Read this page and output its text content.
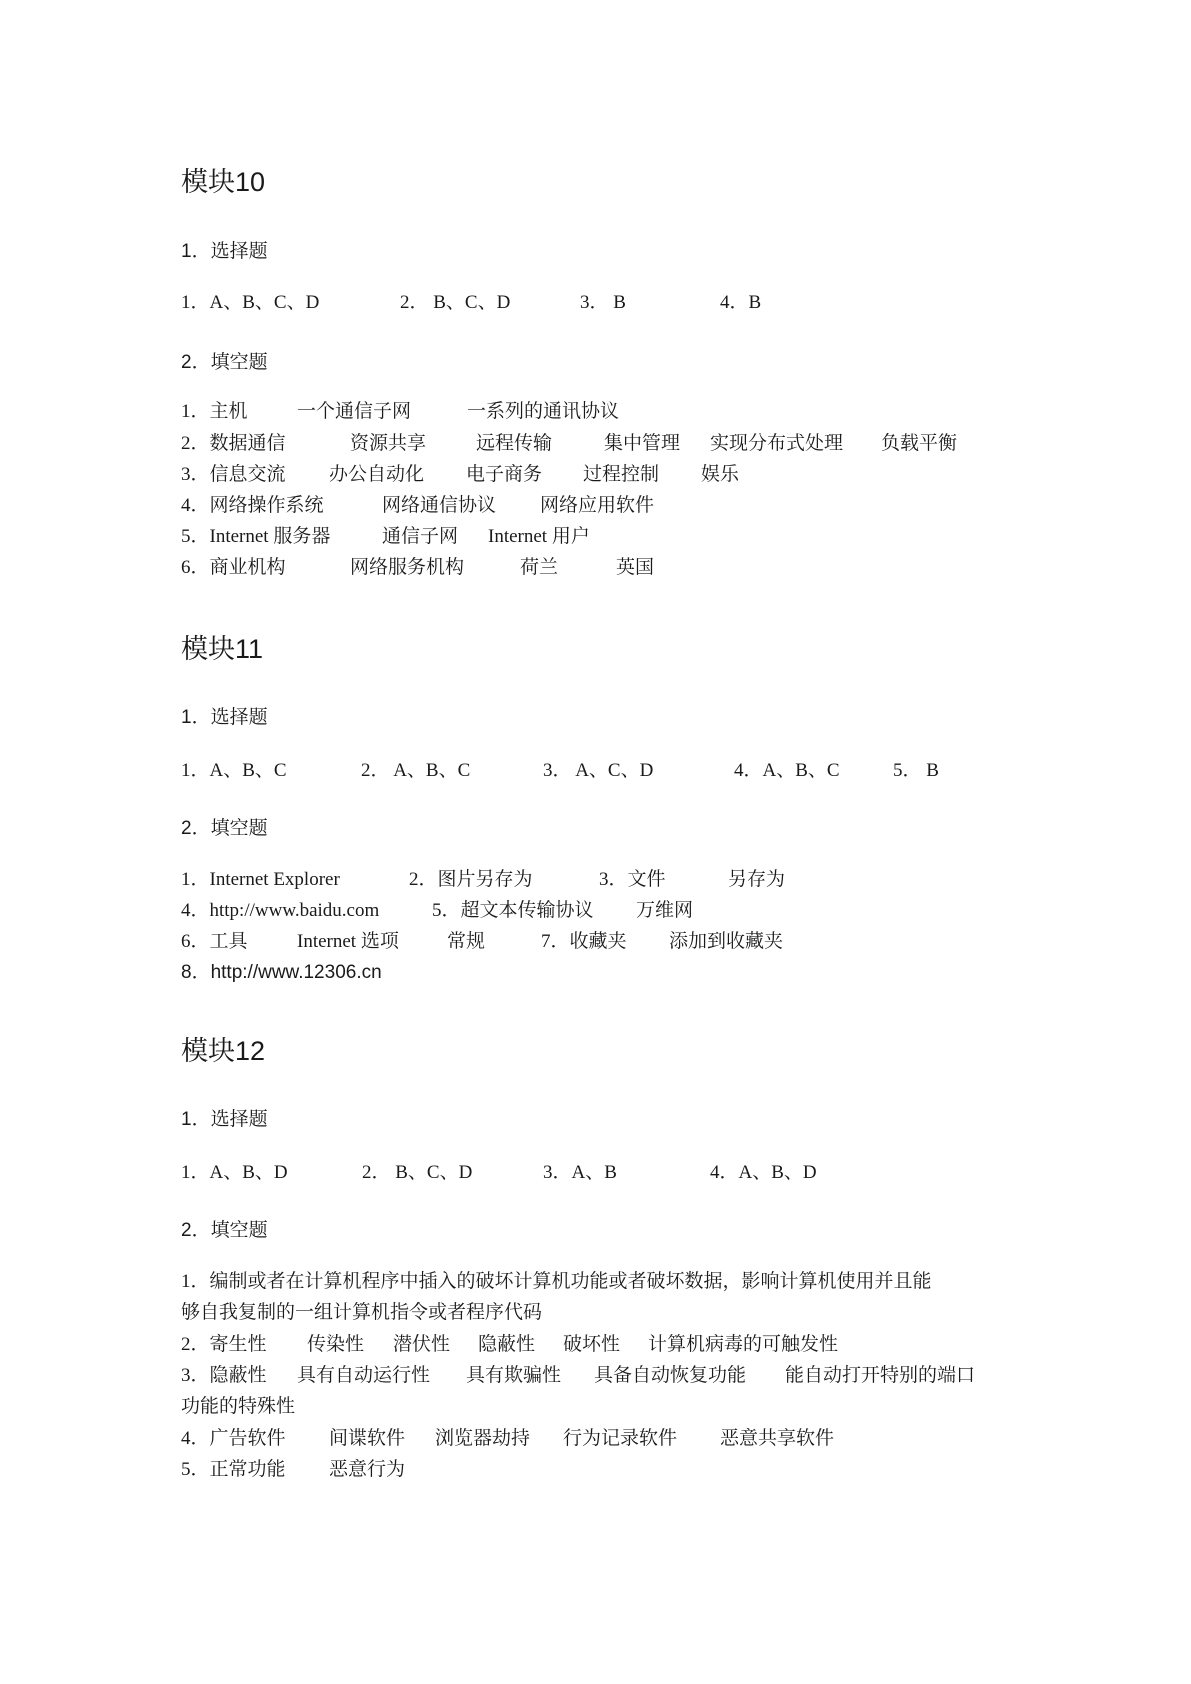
模块10
1．选择题
1．A、B、C、D	2． B、C、D	3． B	4．B
2．填空题
1．主机	一个通信子网	一系列的通讯协议
2．数据通信	资源共享	远程传输	集中管理 实现分布式处理 负载平衡
3．信息交流 办公自动化 电子商务 过程控制 娱乐
4．网络操作系统	网络通信协议 网络应用软件
5．Internet 服务器	通信子网 Internet 用户
6．商业机构	网络服务机构	荷兰	英国
模块11
1．选择题
1．A、B、C	2． A、B、C	3． A、C、D	4．A、B、C	5． B
2．填空题
1．Internet Explorer	2．图片另存为	3．文件	另存为
4．http://www.baidu.com	5．超文本传输协议 万维网
6．工具	Internet 选项	常规	7．收藏夹 添加到收藏夹
8．http://www.12306.cn
模块12
1．选择题
1．A、B、D	2． B、C、D	3．A、B	4．A、B、D
2．填空题
1．编制或者在计算机程序中插入的破坏计算机功能或者破坏数据，影响计算机使用并且能
够自我复制的一组计算机指令或者程序代码
2．寄生性 传染性 潜伏性 隐蔽性 破坏性 计算机病毒的可触发性
3．隐蔽性 具有自动运行性 具有欺骗性 具备自动恢复功能 能自动打开特别的端口
功能的特殊性
4．广告软件 间谍软件 浏览器劫持 行为记录软件 恶意共享软件
5．正常功能 恶意行为
